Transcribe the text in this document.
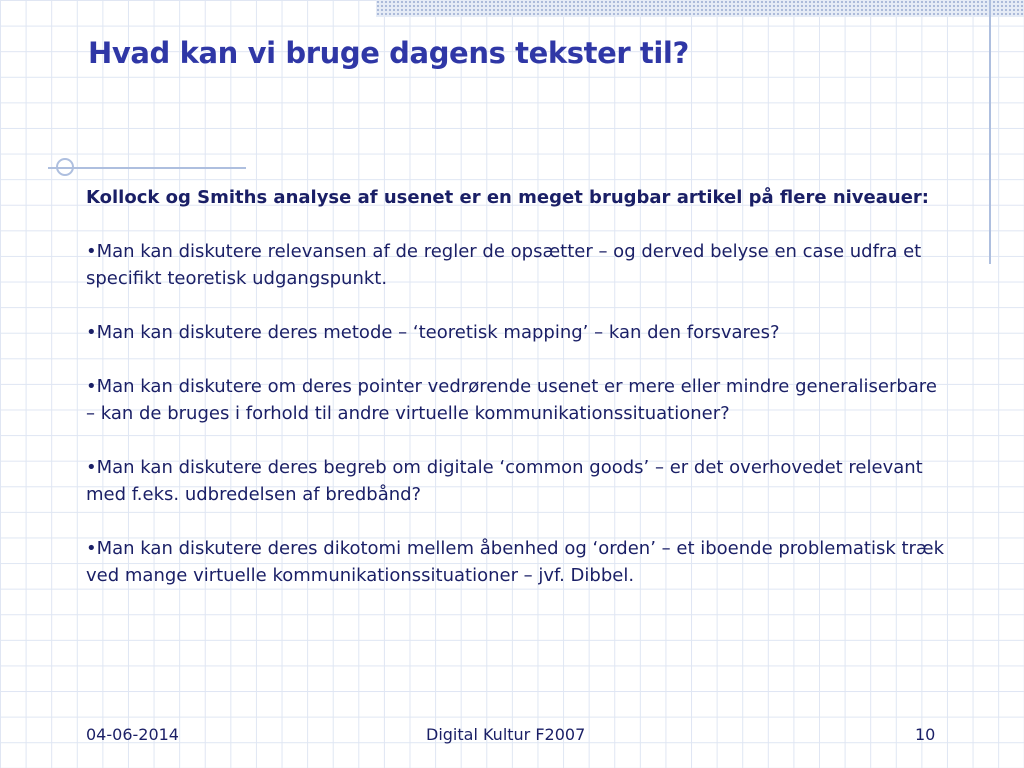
Hvad kan vi bruge dagens tekster til?

Kollock og Smiths analyse af usenet er en meget brugbar artikel på flere niveauer:

•Man kan diskutere relevansen af de regler de opsætter – og derved belyse en case udfra et specifikt teoretisk udgangspunkt.

•Man kan diskutere deres metode – ‘teoretisk mapping’ – kan den forsvares?

•Man kan diskutere om deres pointer vedrørende usenet er mere eller mindre generaliserbare – kan de bruges i forhold til andre virtuelle kommunikationssituationer?

•Man kan diskutere deres begreb om digitale ‘common goods’ – er det overhovedet relevant med f.eks. udbredelsen af bredbånd?

•Man kan diskutere deres dikotomi mellem åbenhed og ‘orden’ – et iboende problematisk træk ved mange virtuelle kommunikationssituationer – jvf. Dibbel.

04-06-2014	Digital Kultur F2007	10
